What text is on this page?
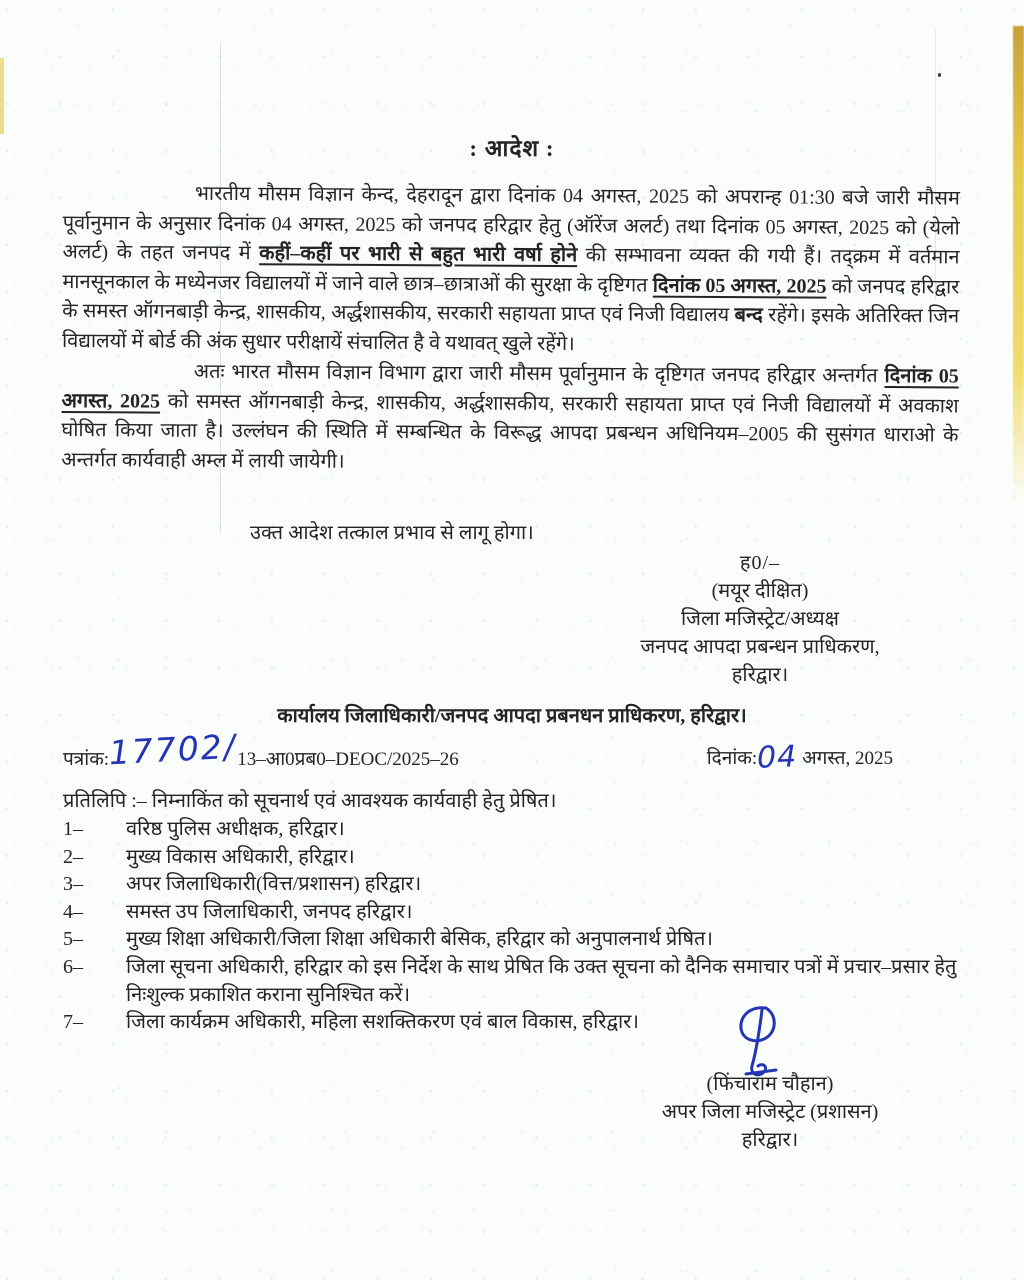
: आदेश :

भारतीय मौसम विज्ञान केन्द, देहरादून द्वारा दिनांक 04 अगस्त, 2025 को अपरान्ह 01:30 बजे जारी मौसम पूर्वानुमान के अनुसार दिनांक 04 अगस्त, 2025 को जनपद हरिद्वार हेतु (ऑरेंज अलर्ट) तथा दिनांक 05 अगस्त, 2025 को (येलो अलर्ट) के तहत जनपद में कहीं–कहीं पर भारी से बहुत भारी वर्षा होने की सम्भावना व्यक्त की गयी हैं। तद्क्रम में वर्तमान मानसूनकाल के मध्येनजर विद्यालयों में जाने वाले छात्र–छात्राओं की सुरक्षा के दृष्टिगत दिनांक 05 अगस्त, 2025 को जनपद हरिद्वार के समस्त ऑगनबाड़ी केन्द्र, शासकीय, अर्द्धशासकीय, सरकारी सहायता प्राप्त एवं निजी विद्यालय बन्द रहेंगे। इसके अतिरिक्त जिन विद्यालयों में बोर्ड की अंक सुधार परीक्षायें संचालित है वे यथावत् खुले रहेंगे।

अतः भारत मौसम विज्ञान विभाग द्वारा जारी मौसम पूर्वानुमान के दृष्टिगत जनपद हरिद्वार अन्तर्गत दिनांक 05 अगस्त, 2025 को समस्त ऑगनबाड़ी केन्द्र, शासकीय, अर्द्धशासकीय, सरकारी सहायता प्राप्त एवं निजी विद्यालयों में अवकाश घोषित किया जाता है। उल्लंघन की स्थिति में सम्बन्धित के विरूद्ध आपदा प्रबन्धन अधिनियम–2005 की सुसंगत धाराओ के अन्तर्गत कार्यवाही अम्ल में लायी जायेगी।

उक्त आदेश तत्काल प्रभाव से लागू होगा।

ह0/–
(मयूर दीक्षित)
जिला मजिस्ट्रेट/अध्यक्ष
जनपद आपदा प्रबन्धन प्राधिकरण,
हरिद्वार।

कार्यालय जिलाधिकारी/जनपद आपदा प्रबनधन प्राधिकरण, हरिद्वार।

पत्रांक:17702/13–आ0प्रब0–DEOC/2025–26	दिनांक:04 अगस्त, 2025

प्रतिलिपि :– निम्नाकिंत को सूचनार्थ एवं आवश्यक कार्यवाही हेतु प्रेषित।

1–	वरिष्ठ पुलिस अधीक्षक, हरिद्वार।
2–	मुख्य विकास अधिकारी, हरिद्वार।
3–	अपर जिलाधिकारी(वित्त/प्रशासन) हरिद्वार।
4–	समस्त उप जिलाधिकारी, जनपद हरिद्वार।
5–	मुख्य शिक्षा अधिकारी/जिला शिक्षा अधिकारी बेसिक, हरिद्वार को अनुपालनार्थ प्रेषित।
6–	जिला सूचना अधिकारी, हरिद्वार को इस निर्देश के साथ प्रेषित कि उक्त सूचना को दैनिक समाचार पत्रों में प्रचार–प्रसार हेतु निःशुल्क प्रकाशित कराना सुनिश्चित करें।
7–	जिला कार्यक्रम अधिकारी, महिला सशक्तिकरण एवं बाल विकास, हरिद्वार।
(फिंचाराम चौहान)
अपर जिला मजिस्ट्रेट (प्रशासन)
हरिद्वार।
